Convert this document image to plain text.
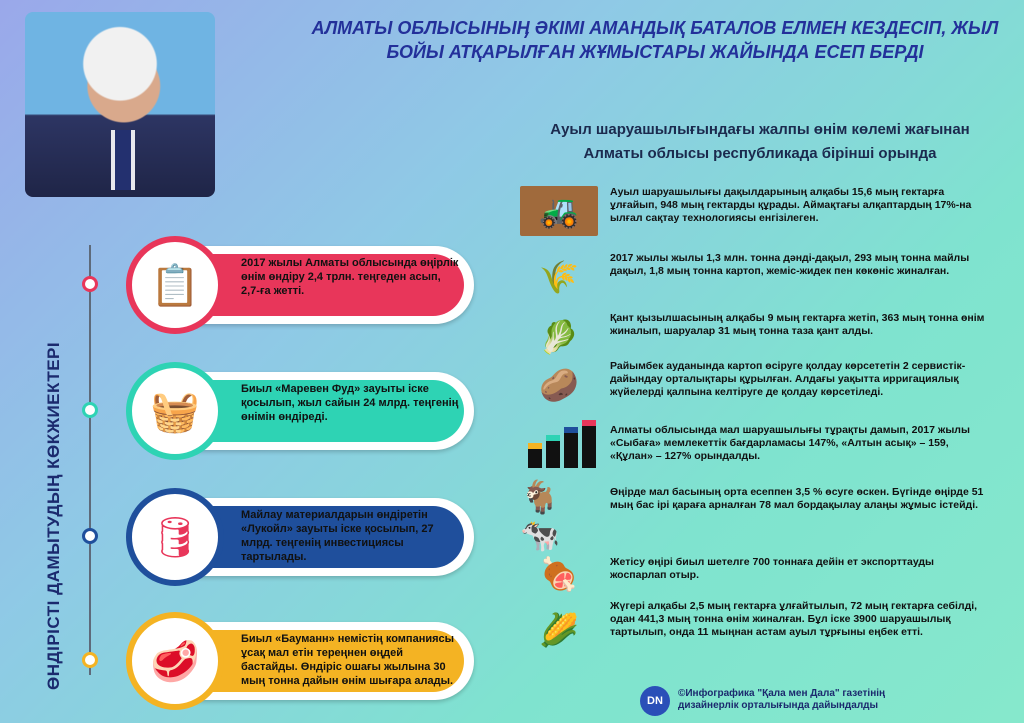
АЛМАТЫ ОБЛЫСЫНЫӉ ӘКІМІ АМАНДЫҚ БАТАЛОВ ЕЛМЕН КЕЗДЕСІП, ЖЫЛ БОЙЫ АТҚАРЫЛҒАН ЖҰМЫСТАРЫ ЖАЙЫНДА ЕСЕП БЕРДІ
ӨНДІРІСТІ ДАМЫТУДЫҢ КӨКЖИЕКТЕРІ
📋
2017 жылы Алматы облысында өңірлік өнім өндіру 2,4 трлн. теңгеден асып, 2,7-ға жетті.
🧺
Биыл «Маревен Фуд» зауыты іске қосылып, жыл сайын 24 млрд. теңгенің өнімін өндіреді.
🛢
Майлау материалдарын өндіретін «Лукойл» зауыты іске қосылып, 27 млрд. теңгенің инвестициясы тартылады.
🥩
Биыл «Бауманн» немістің компаниясы ұсақ мал етін тереңнен өңдей бастайды. Өндіріс ошағы жылына 30 мың тонна дайын өнім шығара алады.
Ауыл шаруашылығындағы жалпы өнім көлемі жағынан Алматы облысы республикада бірінші орында
🚜
Ауыл шаруашылығы дақылдарының алқабы 15,6 мың гектарға ұлғайып, 948 мың гектарды құрады. Аймақтағы алқаптардың 17%-на ылғал сақтау технологиясы енгізілеген.
🌾
2017 жылы жылы 1,3 млн. тонна дәнді-дақыл, 293 мың тонна майлы дақыл, 1,8 мың тонна картоп, жеміс-жидек пен көкөніс жиналған.
🥬
Қант қызылшасының алқабы 9 мың гектарға жетіп, 363 мың тонна өнім жиналып, шаруалар 31 мың тонна таза қант алды.
🥔
Райымбек ауданында картоп өсіруге қолдау көрсететін 2 сервистік-дайындау орталықтары құрылған. Алдағы уақытта ирригациялық жүйелерді қалпына келтіруге де қолдау көрсетіледі.
Алматы облысында мал шаруашылығы тұрақты дамып, 2017 жылы «Сыбаға» мемлекеттік бағдарламасы 147%, «Алтын асық» – 159, «Құлан» – 127% орындалды.
🐐🐄
Өңірде мал басының орта есеппен 3,5 % өсуге өскен. Бүгінде өңірде 51 мың бас ірі қараға арналған 78 мал бордақылау алаңы жұмыс істейді.
🍖	Жетісу өңірі биыл шетелге 700 тоннаға дейін ет экспорттауды жоспарлап отыр.
🌽
Жүгері алқабы 2,5 мың гектарға ұлғайтылып, 72 мың гектарға себілді, одан 441,3 мың тонна өнім жиналған. Бұл іске 3900 шаруашылық тартылып, онда 11 мыңнан астам ауыл тұрғыны еңбек етті.
DN
©Инфографика "Қала мен Дала" газетінің
дизайнерлік орталығында дайындалды
